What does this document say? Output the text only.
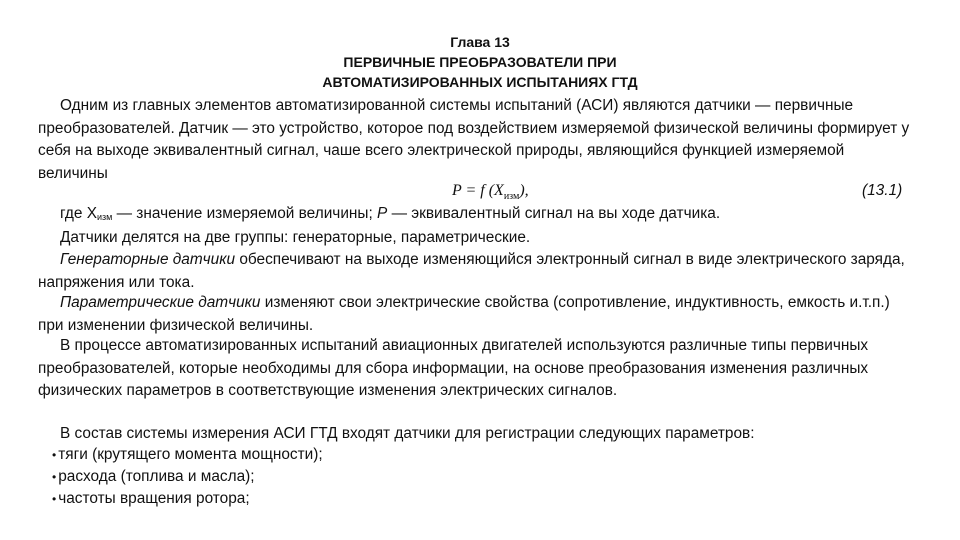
Глава 13
ПЕРВИЧНЫЕ ПРЕОБРАЗОВАТЕЛИ ПРИ
АВТОМАТИЗИРОВАННЫХ ИСПЫТАНИЯХ ГТД

Одним из главных элементов автоматизированной системы испытаний (АСИ) являются датчики — первичные преобразователей. Датчик — это устройство, которое под воздействием измеряемой физической величины формирует у себя на выходе эквивалентный сигнал, чаше всего электрической природы, являющийся функцией измеряемой величины

P = f $(X_{изм})$,	(13.1)

где $Х_{изм}$ — значение измеряемой величины; P — эквивалентный сигнал на вы ходе датчика.

Датчики делятся на две группы: генераторные, параметрические.

Генераторные датчики обеспечивают на выходе изменяющийся электронный сигнал в виде электрического заряда, напряжения или тока.

Параметрические датчики изменяют свои электрические свойства (сопротивление, индуктивность, емкость и.т.п.) при изменении физической величины.

В процессе автоматизированных испытаний авиационных двигателей используются различные типы первичных преобразователей, которые необходимы для сбора информации, на основе преобразования изменения различных физических параметров в соответствующие изменения электрических сигналов.

В состав системы измерения АСИ ГТД входят датчики для регистрации следующих параметров:

• тяги (крутящего момента мощности);
• расхода (топлива и масла);
• частоты вращения ротора;
